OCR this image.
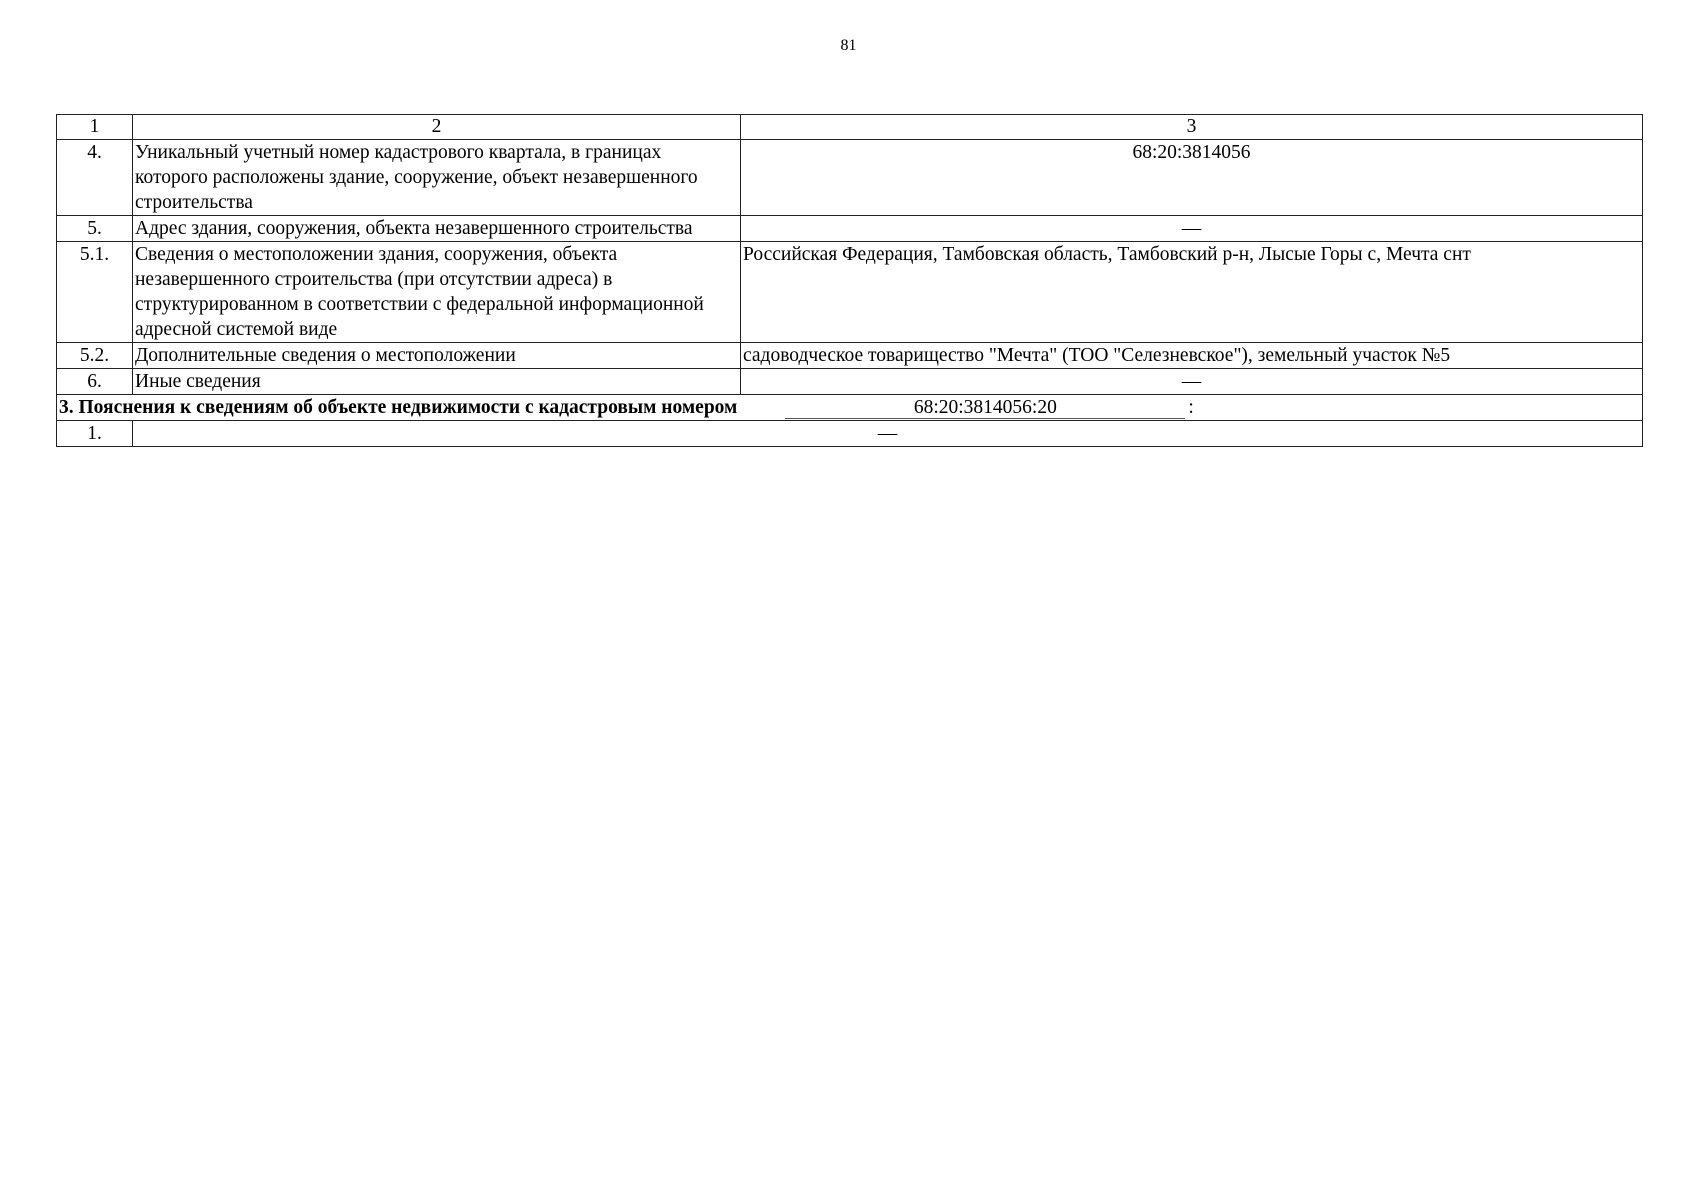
81
1	2	3
4.	Уникальный учетный номер кадастрового квартала, в границах которого расположены здание, сооружение, объект незавершенного строительства	68:20:3814056
5.	Адрес здания, сооружения, объекта незавершенного строительства	—
5.1.	Сведения о местоположении здания, сооружения, объекта незавершенного строительства (при отсутствии адреса) в структурированном в соответствии с федеральной информационной адресной системой виде	Российская Федерация, Тамбовская область, Тамбовский р-н, Лысые Горы с, Мечта снт
5.2.	Дополнительные сведения о местоположении	садоводческое товарищество "Мечта" (ТОО "Селезневское"), земельный участок №5
6.	Иные сведения	—
3. Пояснения к сведениям об объекте недвижимости с кадастровым номером 68:20:3814056:20 :		
1.	—	
